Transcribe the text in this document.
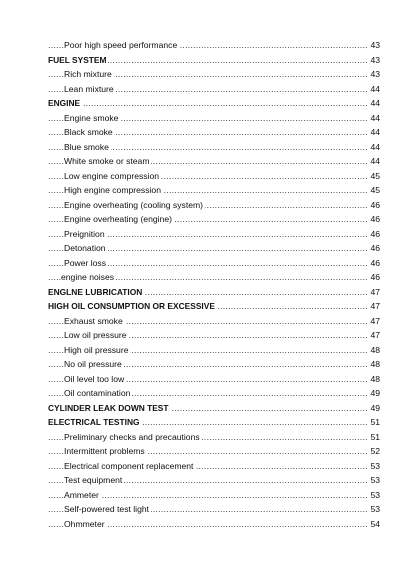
.....
Poor high speed performance	43
.....
FUEL SYSTEM	43
.....
Rich mixture	43
.....
Lean mixture	44
.....
ENGINE	44
.....
Engine smoke	44
.....
Black smoke	44
.....
Blue smoke	44
.....
White smoke or steam	44
.....
Low engine compression	45
.....
High engine compression	45
.....
Engine overheating (cooling system)	46
.....
Engine overheating (engine)	46
.....
Preignition	46
.....
Detonation	46
.....
Power loss	46
.....
engine noises	46
.....
ENGLNE LUBRICATION	47
.....
HIGH OIL CONSUMPTION OR EXCESSIVE	47
.....
Exhaust smoke	47
.....
Low oil pressure	47
.....
High oil pressure	48
.....
No oil pressure	48
.....
Oil level too low	48
.....
Oil contamination	49
.....
CYLINDER LEAK DOWN TEST	49
.....
ELECTRICAL TESTING	51
.....
Preliminary checks and precautions	51
.....
Intermittent problems	52
.....
Electrical component replacement	53
.....
Test equipment	53
.....
Ammeter	53
.....
Self-powered test light	53
.....
Ohmmeter	54
